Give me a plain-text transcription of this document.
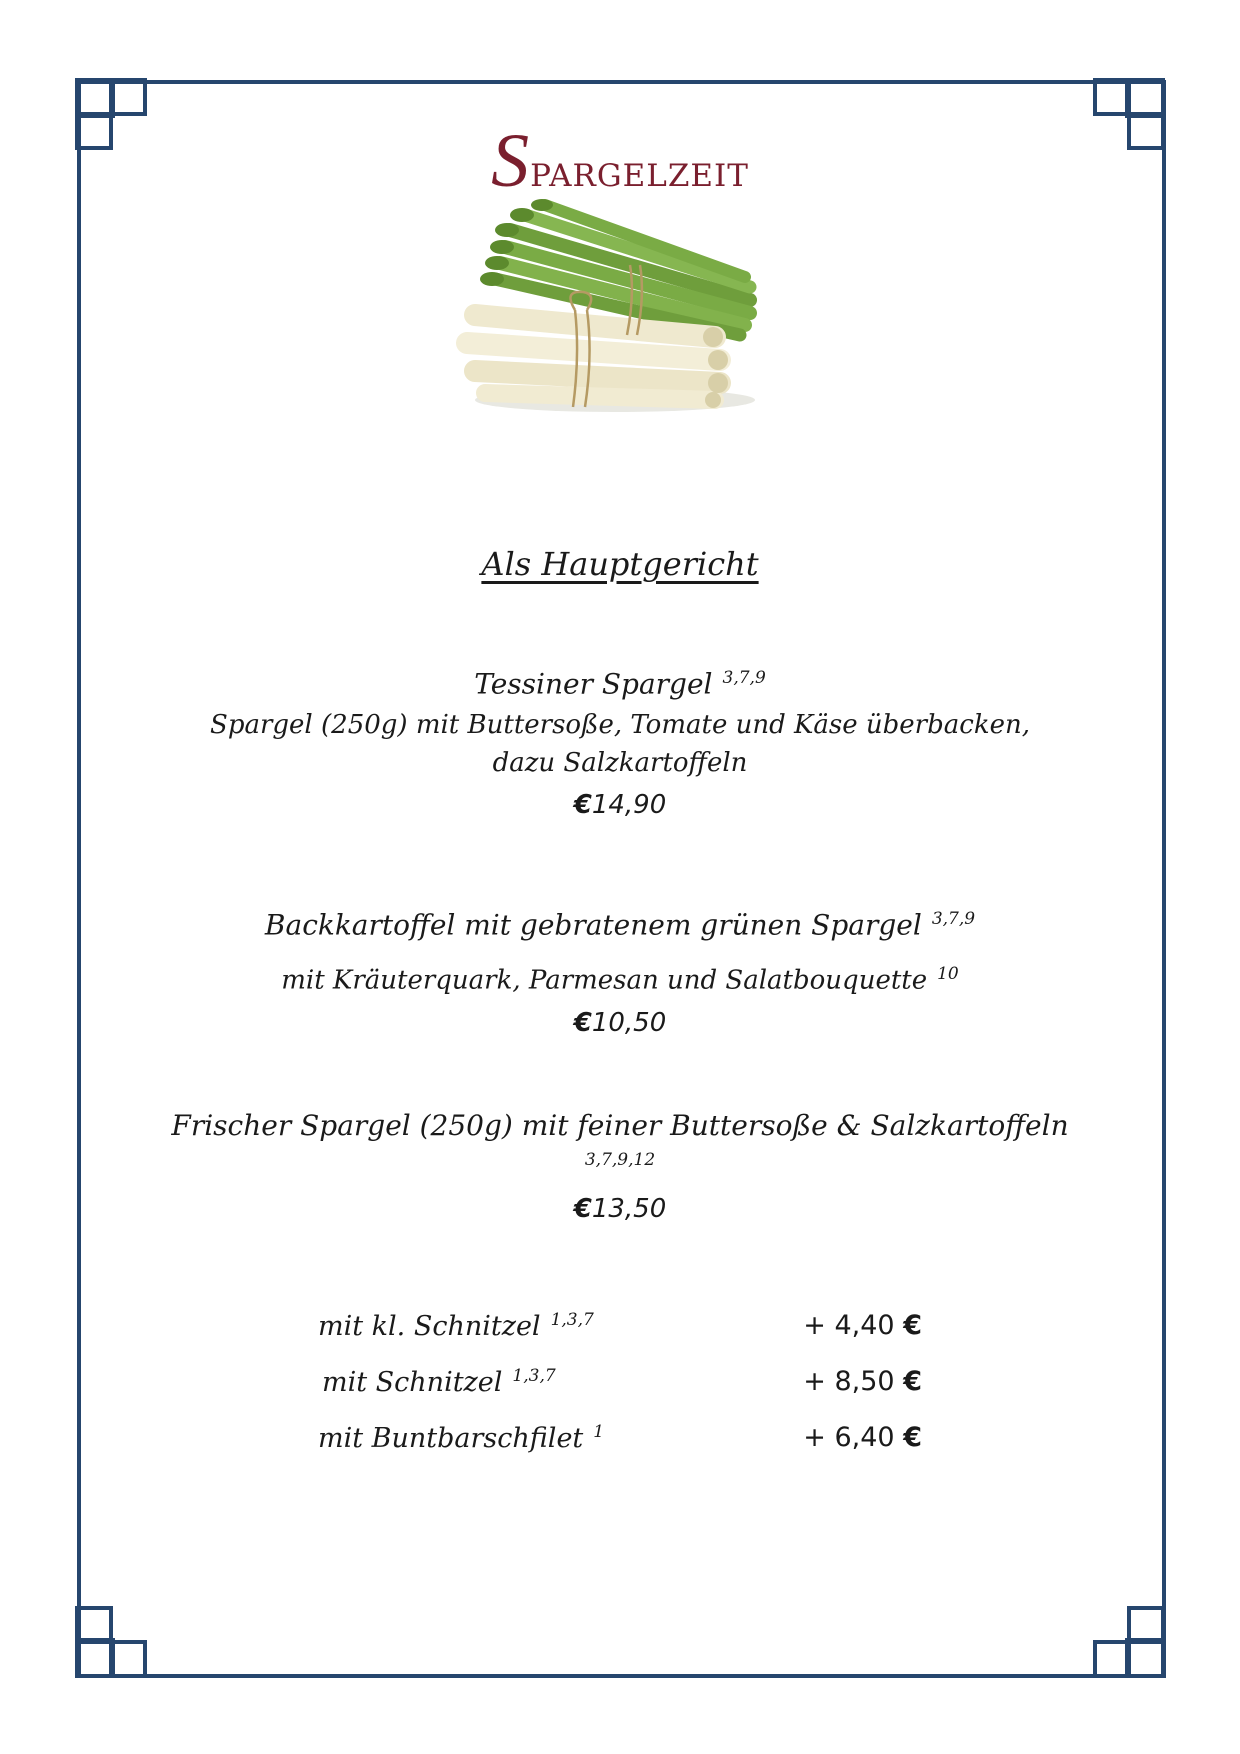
Spargelzeit
Als Hauptgericht
Tessiner Spargel $^{3,7,9}$
Spargel (250g) mit Buttersoße, Tomate und Käse überbacken,
dazu Salzkartoffeln
€14,90
Backkartoffel mit gebratenem grünen Spargel $^{3,7,9}$
mit Kräuterquark, Parmesan und Salatbouquette $^{10}$
€10,50
Frischer Spargel (250g) mit feiner Buttersoße & Salzkartoffeln
3,7,9,12
€13,50
mit kl. Schnitzel $^{1,3,7}$	+ 4,40 €
mit Schnitzel $^{1,3,7}$	+ 8,50 €
mit Buntbarschfilet $^1$	+ 6,40 €
